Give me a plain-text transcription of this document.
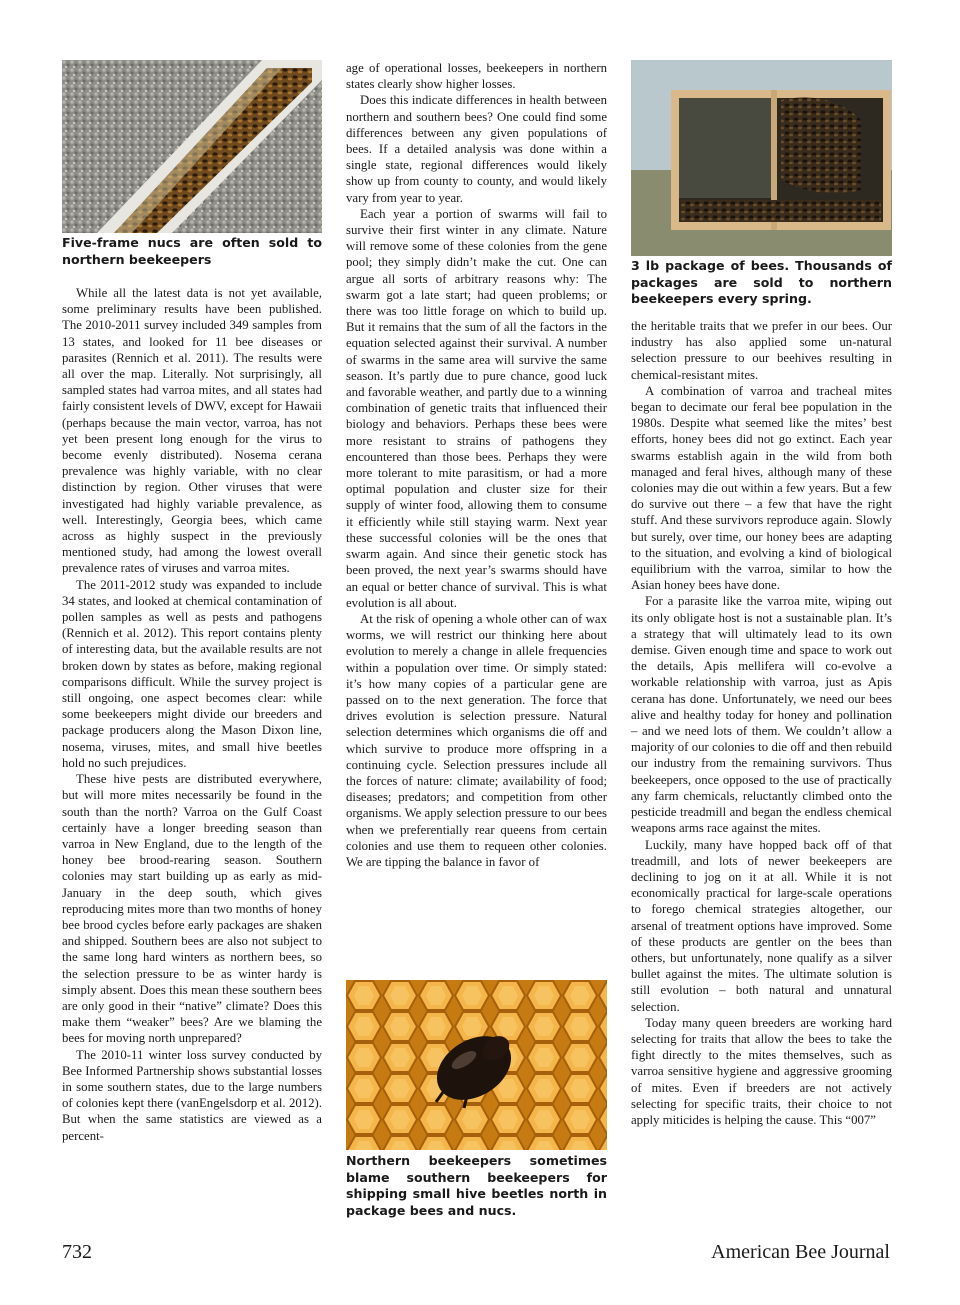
Five-frame nucs are often sold to northern beekeepers

While all the latest data is not yet available, some preliminary results have been published. The 2010-2011 survey included 349 samples from 13 states, and looked for 11 bee diseases or parasites (Rennich et al. 2011). The results were all over the map. Literally. Not surprisingly, all sampled states had varroa mites, and all states had fairly consistent levels of DWV, except for Hawaii (perhaps because the main vector, varroa, has not yet been present long enough for the virus to become evenly distributed). Nosema cerana prevalence was highly variable, with no clear distinction by region. Other viruses that were investigated had highly variable prevalence, as well. Interestingly, Georgia bees, which came across as highly suspect in the previously mentioned study, had among the lowest overall prevalence rates of viruses and varroa mites.

The 2011-2012 study was expanded to include 34 states, and looked at chemical contamination of pollen samples as well as pests and pathogens (Rennich et al. 2012). This report contains plenty of interesting data, but the available results are not broken down by states as before, making regional comparisons difficult. While the survey project is still ongoing, one aspect becomes clear: while some beekeepers might divide our breeders and package producers along the Mason Dixon line, nosema, viruses, mites, and small hive beetles hold no such prejudices.

These hive pests are distributed everywhere, but will more mites necessarily be found in the south than the north? Varroa on the Gulf Coast certainly have a longer breeding season than varroa in New England, due to the length of the honey bee brood-rearing season. Southern colonies may start building up as early as mid-January in the deep south, which gives reproducing mites more than two months of honey bee brood cycles before early packages are shaken and shipped. Southern bees are also not subject to the same long hard winters as northern bees, so the selection pressure to be as winter hardy is simply absent. Does this mean these southern bees are only good in their “native” climate? Does this make them “weaker” bees? Are we blaming the bees for moving north unprepared?

The 2010-11 winter loss survey conducted by Bee Informed Partnership shows substantial losses in some southern states, due to the large numbers of colonies kept there (vanEngelsdorp et al. 2012). But when the same statistics are viewed as a percent-

age of operational losses, beekeepers in northern states clearly show higher losses.

Does this indicate differences in health between northern and southern bees? One could find some differences between any given populations of bees. If a detailed analysis was done within a single state, regional differences would likely show up from county to county, and would likely vary from year to year.

Each year a portion of swarms will fail to survive their first winter in any climate. Nature will remove some of these colonies from the gene pool; they simply didn’t make the cut. One can argue all sorts of arbitrary reasons why: The swarm got a late start; had queen problems; or there was too little forage on which to build up. But it remains that the sum of all the factors in the equation selected against their survival. A number of swarms in the same area will survive the same season. It’s partly due to pure chance, good luck and favorable weather, and partly due to a winning combination of genetic traits that influenced their biology and behaviors. Perhaps these bees were more resistant to strains of pathogens they encountered than those bees. Perhaps they were more tolerant to mite parasitism, or had a more optimal population and cluster size for their supply of winter food, allowing them to consume it efficiently while still staying warm. Next year these successful colonies will be the ones that swarm again. And since their genetic stock has been proved, the next year’s swarms should have an equal or better chance of survival. This is what evolution is all about.

At the risk of opening a whole other can of wax worms, we will restrict our thinking here about evolution to merely a change in allele frequencies within a population over time. Or simply stated: it’s how many copies of a particular gene are passed on to the next generation. The force that drives evolution is selection pressure. Natural selection determines which organisms die off and which survive to produce more offspring in a continuing cycle. Selection pressures include all the forces of nature: climate; availability of food; diseases; predators; and competition from other organisms. We apply selection pressure to our bees when we preferentially rear queens from certain colonies and use them to requeen other colonies. We are tipping the balance in favor of

Northern beekeepers sometimes blame southern beekeepers for shipping small hive beetles north in package bees and nucs.

3 lb package of bees. Thousands of packages are sold to northern beekeepers every spring.

the heritable traits that we prefer in our bees. Our industry has also applied some un-natural selection pressure to our beehives resulting in chemical-resistant mites.

A combination of varroa and tracheal mites began to decimate our feral bee population in the 1980s. Despite what seemed like the mites’ best efforts, honey bees did not go extinct. Each year swarms establish again in the wild from both managed and feral hives, although many of these colonies may die out within a few years. But a few do survive out there – a few that have the right stuff. And these survivors reproduce again. Slowly but surely, over time, our honey bees are adapting to the situation, and evolving a kind of biological equilibrium with the varroa, similar to how the Asian honey bees have done.

For a parasite like the varroa mite, wiping out its only obligate host is not a sustainable plan. It’s a strategy that will ultimately lead to its own demise. Given enough time and space to work out the details, Apis mellifera will co-evolve a workable relationship with varroa, just as Apis cerana has done. Unfortunately, we need our bees alive and healthy today for honey and pollination – and we need lots of them. We couldn’t allow a majority of our colonies to die off and then rebuild our industry from the remaining survivors. Thus beekeepers, once opposed to the use of practically any farm chemicals, reluctantly climbed onto the pesticide treadmill and began the endless chemical weapons arms race against the mites.

Luckily, many have hopped back off of that treadmill, and lots of newer beekeepers are declining to jog on it at all. While it is not economically practical for large-scale operations to forego chemical strategies altogether, our arsenal of treatment options have improved. Some of these products are gentler on the bees than others, but unfortunately, none qualify as a silver bullet against the mites. The ultimate solution is still evolution – both natural and unnatural selection.

Today many queen breeders are working hard selecting for traits that allow the bees to take the fight directly to the mites themselves, such as varroa sensitive hygiene and aggressive grooming of mites. Even if breeders are not actively selecting for specific traits, their choice to not apply miticides is helping the cause. This “007”

732	American Bee Journal
